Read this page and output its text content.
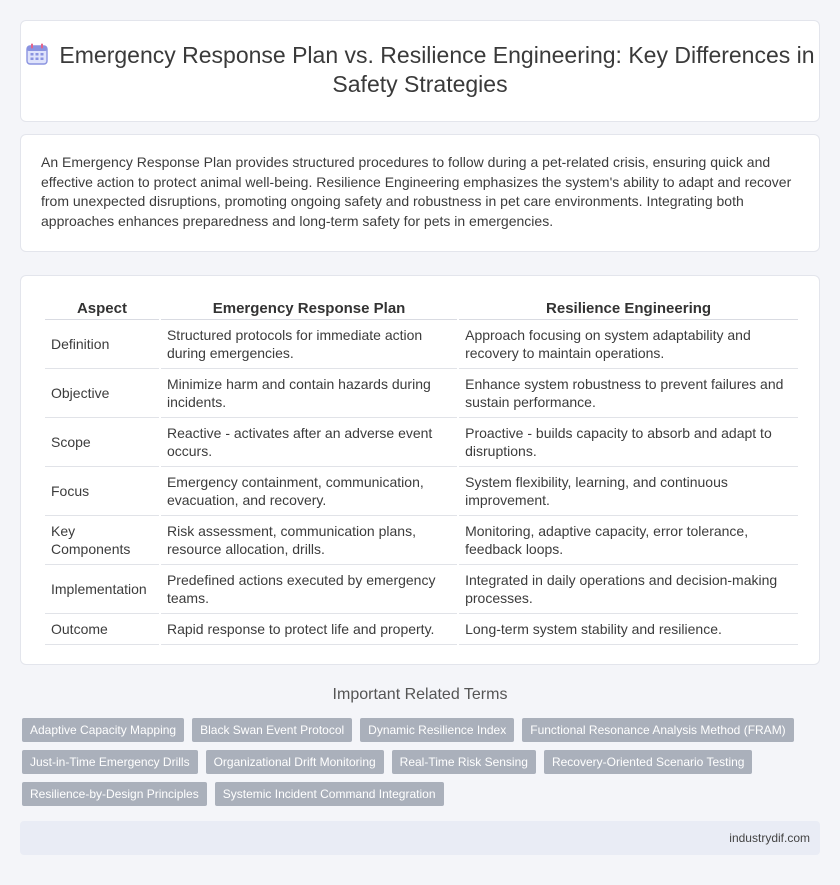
Emergency Response Plan vs. Resilience Engineering: Key Differences in Safety Strategies

An Emergency Response Plan provides structured procedures to follow during a pet-related crisis, ensuring quick and effective action to protect animal well-being. Resilience Engineering emphasizes the system's ability to adapt and recover from unexpected disruptions, promoting ongoing safety and robustness in pet care environments. Integrating both approaches enhances preparedness and long-term safety for pets in emergencies.

Aspect	Emergency Response Plan	Resilience Engineering
Definition	Structured protocols for immediate action during emergencies.	Approach focusing on system adaptability and recovery to maintain operations.
Objective	Minimize harm and contain hazards during incidents.	Enhance system robustness to prevent failures and sustain performance.
Scope	Reactive - activates after an adverse event occurs.	Proactive - builds capacity to absorb and adapt to disruptions.
Focus	Emergency containment, communication, evacuation, and recovery.	System flexibility, learning, and continuous improvement.
Key Components	Risk assessment, communication plans, resource allocation, drills.	Monitoring, adaptive capacity, error tolerance, feedback loops.
Implementation	Predefined actions executed by emergency teams.	Integrated in daily operations and decision-making processes.
Outcome	Rapid response to protect life and property.	Long-term system stability and resilience.
Important Related Terms
Adaptive Capacity Mapping	Black Swan Event Protocol	Dynamic Resilience Index	Functional Resonance Analysis Method (FRAM)
Just-in-Time Emergency Drills	Organizational Drift Monitoring	Real-Time Risk Sensing	Recovery-Oriented Scenario Testing
Resilience-by-Design Principles	Systemic Incident Command Integration
industrydif.com
